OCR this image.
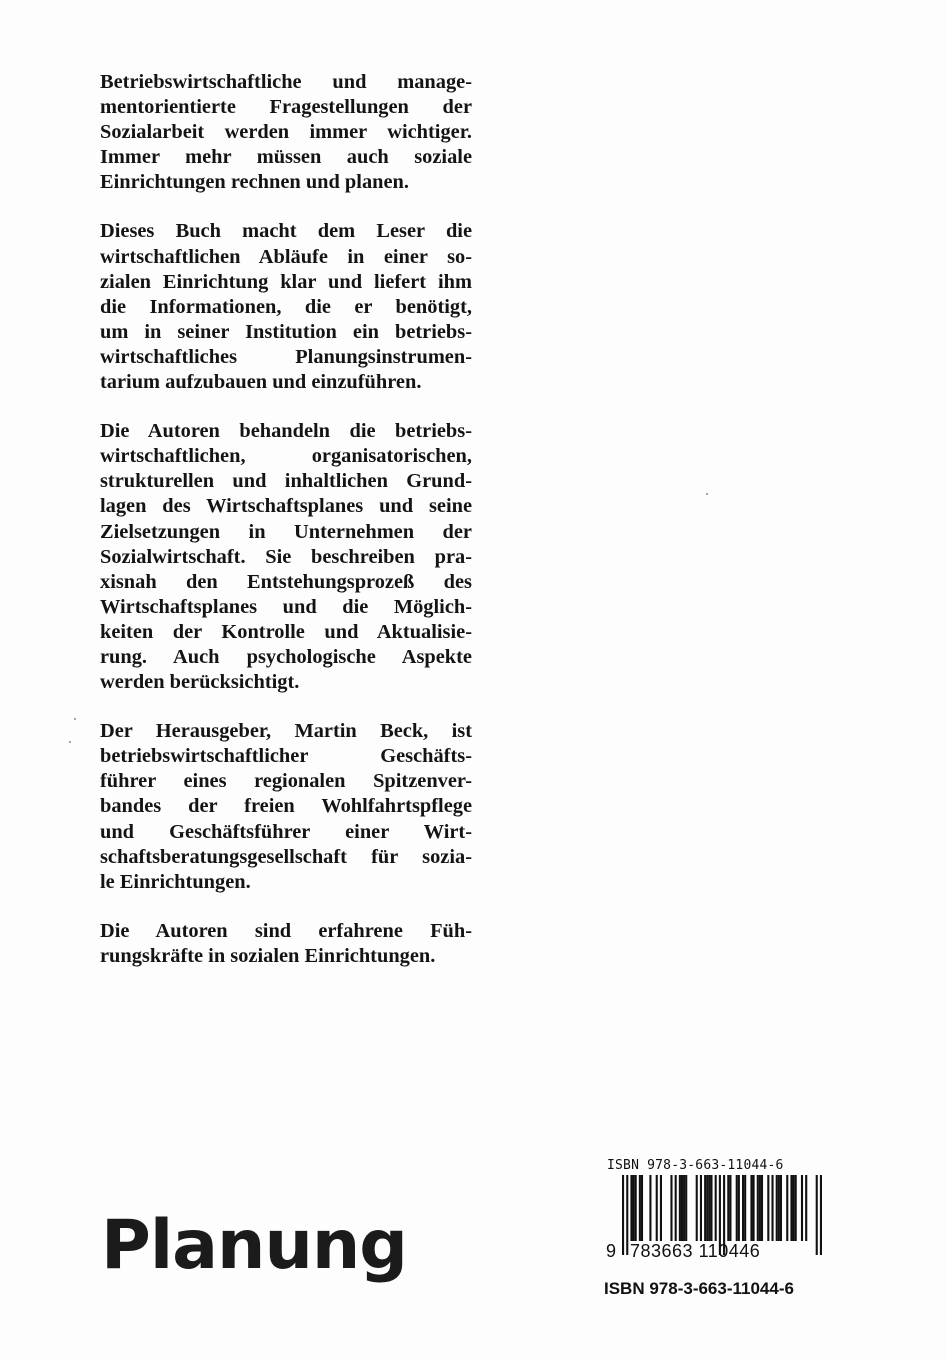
Betriebswirtschaftliche und manage-
mentorientierte Fragestellungen der
Sozialarbeit werden immer wichtiger.
Immer mehr müssen auch soziale
Einrichtungen rechnen und planen.

Dieses Buch macht dem Leser die
wirtschaftlichen Abläufe in einer so-
zialen Einrichtung klar und liefert ihm
die Informationen, die er benötigt,
um in seiner Institution ein betriebs-
wirtschaftliches Planungsinstrumen-
tarium aufzubauen und einzuführen.

Die Autoren behandeln die betriebs-
wirtschaftlichen, organisatorischen,
strukturellen und inhaltlichen Grund-
lagen des Wirtschaftsplanes und seine
Zielsetzungen in Unternehmen der
Sozialwirtschaft. Sie beschreiben pra-
xisnah den Entstehungsprozeß des
Wirtschaftsplanes und die Möglich-
keiten der Kontrolle und Aktualisie-
rung. Auch psychologische Aspekte
werden berücksichtigt.

Der Herausgeber, Martin Beck, ist
betriebswirtschaftlicher Geschäfts-
führer eines regionalen Spitzenver-
bandes der freien Wohlfahrtspflege
und Geschäftsführer einer Wirt-
schaftsberatungsgesellschaft für sozia-
le Einrichtungen.

Die Autoren sind erfahrene Füh-
rungskräfte in sozialen Einrichtungen.

Planung
ISBN 978-3-663-11044-6
9 783663 110446
ISBN 978-3-663-11044-6
